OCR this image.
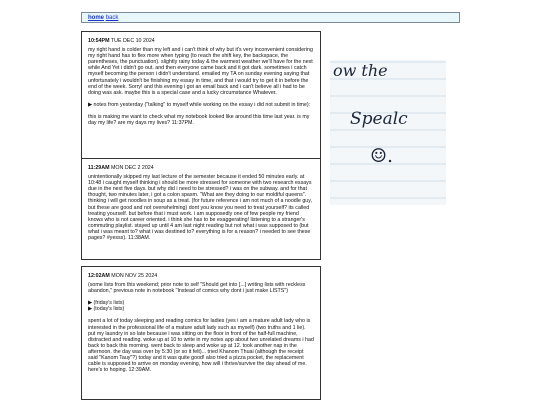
home back

10:54PM TUE DEC 10 2024

my right hand is colder than my left and i can't think of why but it's very inconvenient considering my right hand has to flex more when typing (to reach the shift key, the backspace, the parentheses, the punctuation). slightly rainy today & the warmest weather we'll have for the next while And Yet i didn't go out. and then everyone came back and it got dark. sometimes i catch myself becoming the person i didn't understand. emailed my TA on sunday evening saying that unfortunately i wouldn't be finishing my essay in time, and that i would try to get it in before the end of the week. Sorry! and this evening i got an email back and i can't believe all i had to be doing was ask. maybe this is a special case and a lucky circumstance Whatever.

▶ notes from yesterday ("talking" to myself while working on the essay i did not submit in time):

this is making me want to check what my notebook looked like around this time last year. is my day my life? are my days my lives? 11:37PM.

11:29AM MON DEC 2 2024

unintentionally skipped my last lecture of the semester because it ended 50 minutes early. at 10:48 i caught myself thinking i should be more stressed for someone with two research essays due in the next five days. but why did i need to be stressed? i was on the subway. and for that thought, two minutes later, i got a colon spasm. "What are they doing to our moldiful queens". thinking i will get noodles in soup as a treat. (for future reference i am not much of a noodle guy, but these are good and not overwhelming) dont you know you need to treat yourself? its called treating yourself. but before that i must work. i am supposedly one of few people my friend knows who is not career oriented. i think she has to be exaggerating! listening to a stranger's commuting playlist. stayed up until 4 am last night reading but not what i was supposed to (but what i was meant to? what i was destined to? everything is for a reason? i needed to see these pages? #yesss). 11:38AM.

12:02AM MON NOV 25 2024

(some lists from this weekend; prior note to self "Should get into [...] writing lists with reckless abandon," previous note in notebook "Instead of comics why dont i just make LISTS")

▶ (friday's lists)

▶ (today's lists)

spent a lot of today sleeping and reading comics for ladies (yes i am a mature adult lady who is interested in the professional life of a mature adult lady such as myself) (two truths and 1 lie). put my laundry in so late because i was sitting on the floor in front of the half-full machine, distracted and reading. woke up at 10 to write in my notes app about two unrelated dreams i had back to back this morning. went back to sleep and woke up at 12. took another nap in the afternoon. the day was over by 5:30 (or so it felt)... tried Khanom Thuai (although the receipt said "Kanom Tauy"?) today and it was quite good! also tried a pizza pocket, the replacement cable is supposed to arrive on monday evening, how will i thrive/survive the day ahead of me. here's to hoping. 12:39AM.

ow the
Spealc
☺.
